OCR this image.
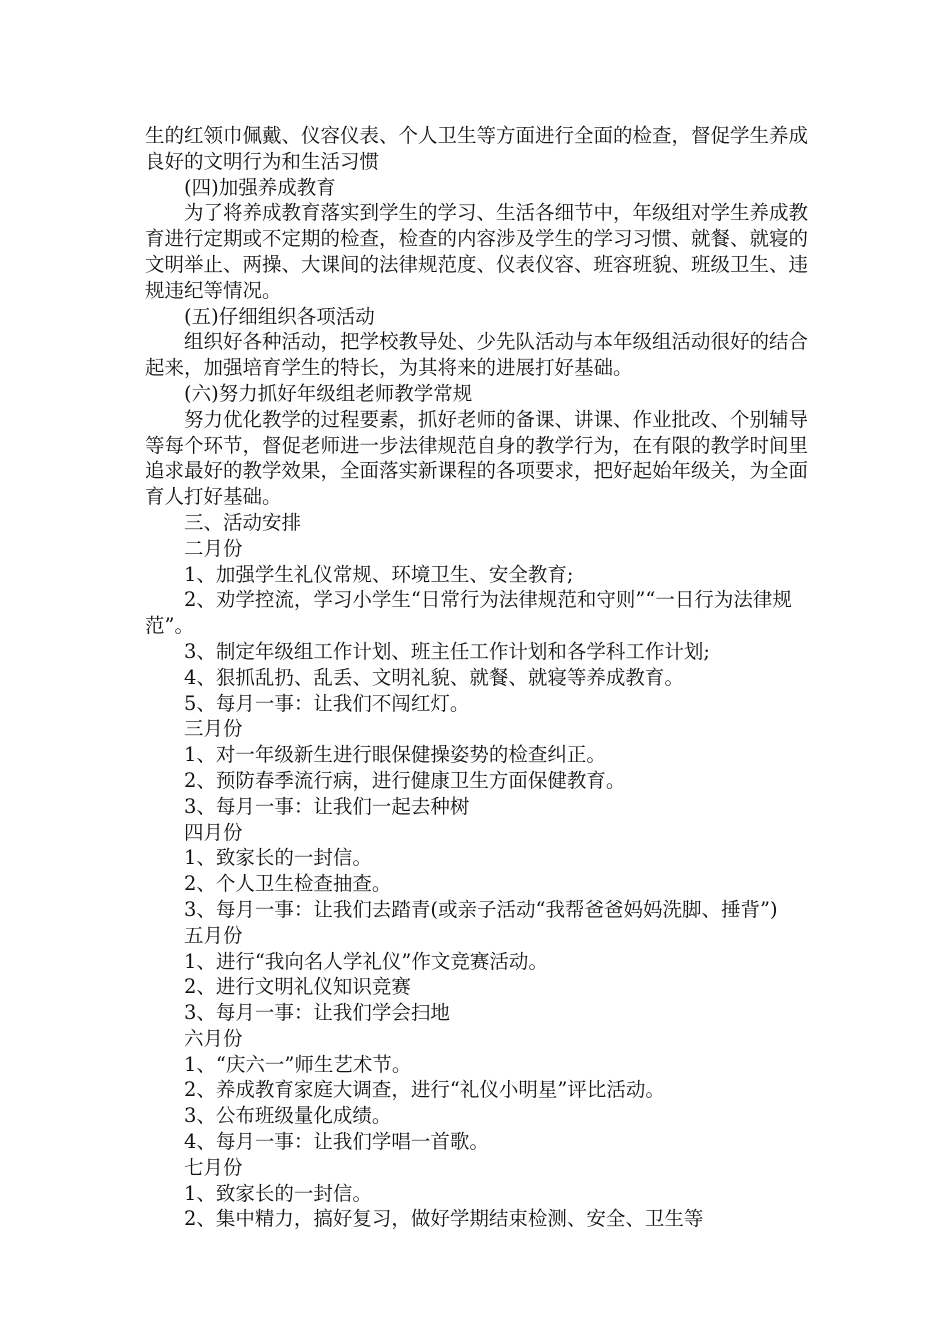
生的红领巾佩戴、仪容仪表、个人卫生等方面进行全面的检查，督促学生养成良好的文明行为和生活习惯

(四)加强养成教育

为了将养成教育落实到学生的学习、生活各细节中，年级组对学生养成教育进行定期或不定期的检查，检查的内容涉及学生的学习习惯、就餐、就寝的文明举止、两操、大课间的法律规范度、仪表仪容、班容班貌、班级卫生、违规违纪等情况。

(五)仔细组织各项活动

组织好各种活动，把学校教导处、少先队活动与本年级组活动很好的结合起来，加强培育学生的特长，为其将来的进展打好基础。

(六)努力抓好年级组老师教学常规

努力优化教学的过程要素，抓好老师的备课、讲课、作业批改、个别辅导等每个环节，督促老师进一步法律规范自身的教学行为，在有限的教学时间里追求最好的教学效果，全面落实新课程的各项要求，把好起始年级关，为全面育人打好基础。

三、活动安排

二月份

1、加强学生礼仪常规、环境卫生、安全教育;

2、劝学控流，学习小学生“日常行为法律规范和守则”“一日行为法律规范”。

3、制定年级组工作计划、班主任工作计划和各学科工作计划;

4、狠抓乱扔、乱丢、文明礼貌、就餐、就寝等养成教育。

5、每月一事：让我们不闯红灯。

三月份

1、对一年级新生进行眼保健操姿势的检查纠正。

2、预防春季流行病，进行健康卫生方面保健教育。

3、每月一事：让我们一起去种树

四月份

1、致家长的一封信。

2、个人卫生检查抽查。

3、每月一事：让我们去踏青(或亲子活动“我帮爸爸妈妈洗脚、捶背”)

五月份

1、进行“我向名人学礼仪”作文竞赛活动。

2、进行文明礼仪知识竞赛

3、每月一事：让我们学会扫地

六月份

1、“庆六一”师生艺术节。

2、养成教育家庭大调查，进行“礼仪小明星”评比活动。

3、公布班级量化成绩。

4、每月一事：让我们学唱一首歌。

七月份

1、致家长的一封信。

2、集中精力，搞好复习，做好学期结束检测、安全、卫生等
